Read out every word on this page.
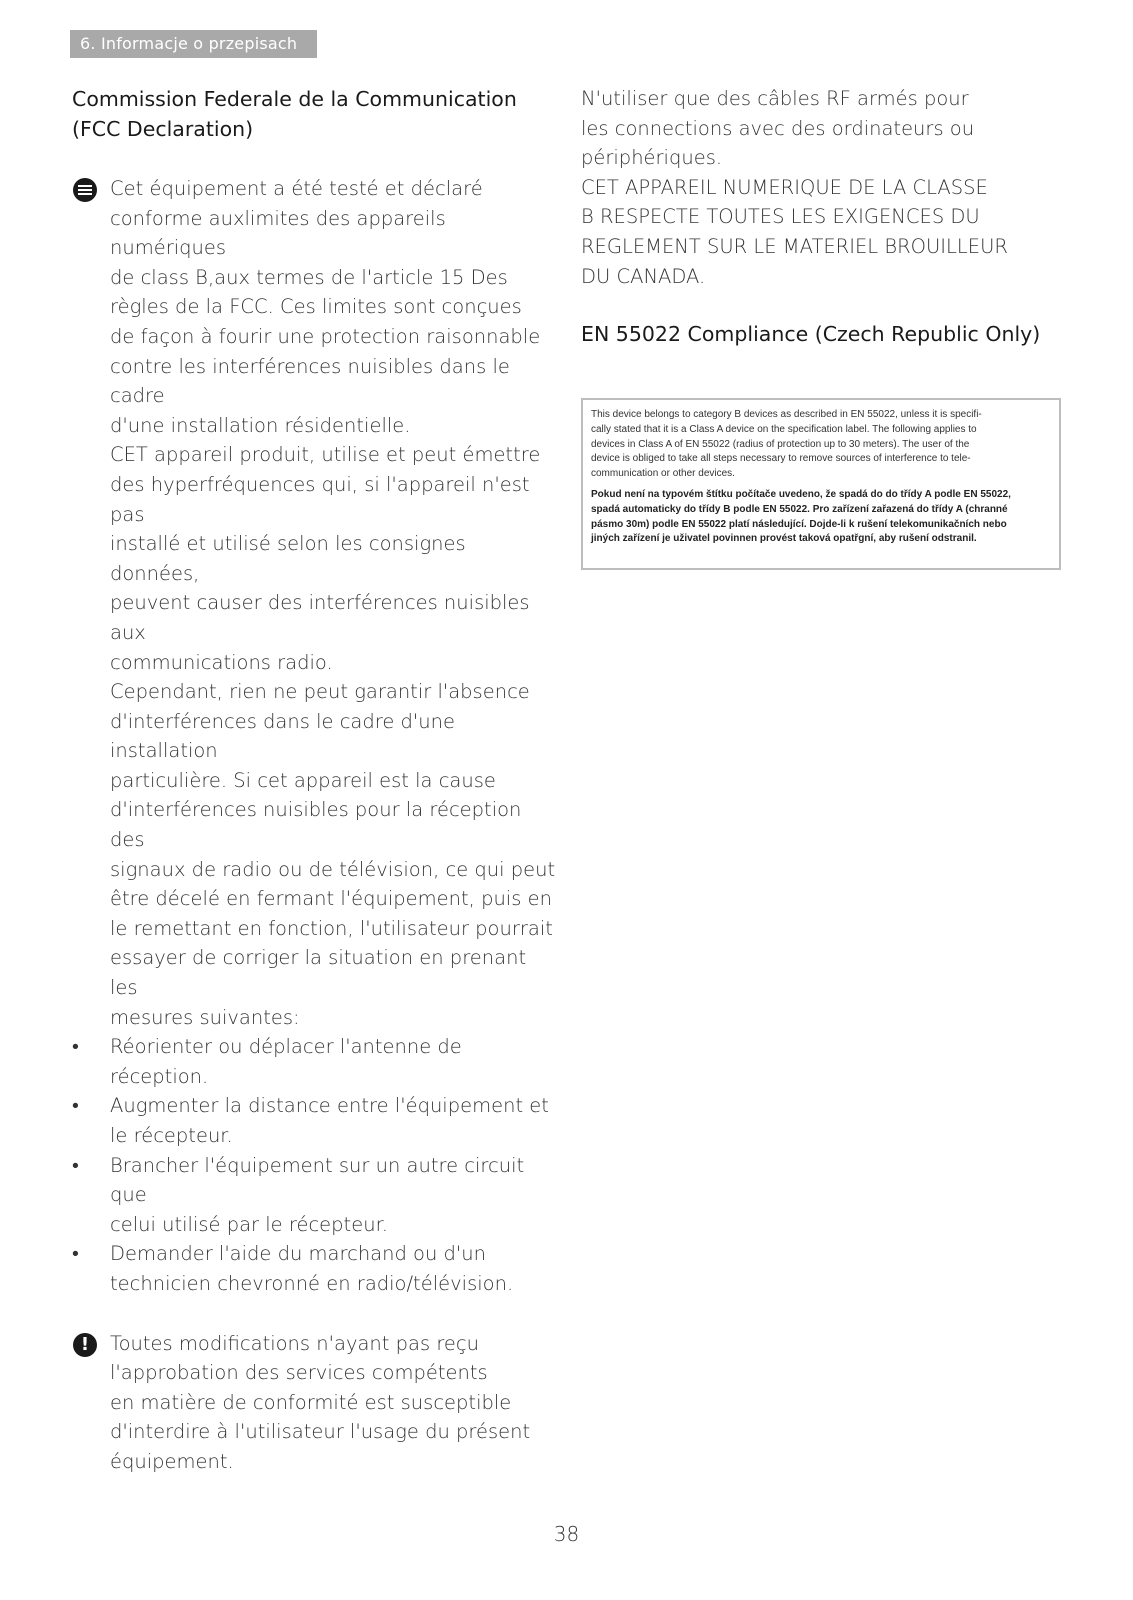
6. Informacje o przepisach
Commission Federale de la Communication (FCC Declaration)

Cet équipement a été testé et déclaré

conforme auxlimites des appareils numériques

de class B,aux termes de l'article 15 Des

règles de la FCC. Ces limites sont conçues

de façon à fourir une protection raisonnable

contre les interférences nuisibles dans le cadre

d'une installation résidentielle.

CET appareil produit, utilise et peut émettre

des hyperfréquences qui, si l'appareil n'est pas

installé et utilisé selon les consignes données,

peuvent causer des interférences nuisibles aux

communications radio.

Cependant, rien ne peut garantir l'absence

d'interférences dans le cadre d'une installation

particulière. Si cet appareil est la cause

d'interférences nuisibles pour la réception des

signaux de radio ou de télévision, ce qui peut

être décelé en fermant l'équipement, puis en

le remettant en fonction, l'utilisateur pourrait

essayer de corriger la situation en prenant les

mesures suivantes:

• Réorienter ou déplacer l'antenne de réception.
• Augmenter la distance entre l'équipement et
le récepteur.
• Brancher l'équipement sur un autre circuit que
celui utilisé par le récepteur.
• Demander l'aide du marchand ou d'un
technicien chevronné en radio/télévision.
!	Toutes modifications n'ayant pas reçu

l'approbation des services compétents

en matière de conformité est susceptible

d'interdire à l'utilisateur l'usage du présent

équipement.

N'utiliser que des câbles RF armés pour

les connections avec des ordinateurs ou

périphériques.

CET APPAREIL NUMERIQUE DE LA CLASSE

B RESPECTE TOUTES LES EXIGENCES DU

REGLEMENT SUR LE MATERIEL BROUILLEUR

DU CANADA.

EN 55022 Compliance (Czech Republic Only)

This device belongs to category B devices as described in EN 55022, unless it is specifi-

cally stated that it is a Class A device on the specification label. The following applies to

devices in Class A of EN 55022 (radius of protection up to 30 meters). The user of the

device is obliged to take all steps necessary to remove sources of interference to tele-

communication or other devices.

Pokud není na typovém štítku počítače uvedeno, že spadá do do třídy A podle EN 55022,

spadá automaticky do třídy B podle EN 55022. Pro zařízení zařazená do třídy A (chranné

pásmo 30m) podle EN 55022 platí následující. Dojde-li k rušení telekomunikačních nebo

jiných zařízení je uživatel povinnen provést taková opatřgní, aby rušení odstranil.

38
